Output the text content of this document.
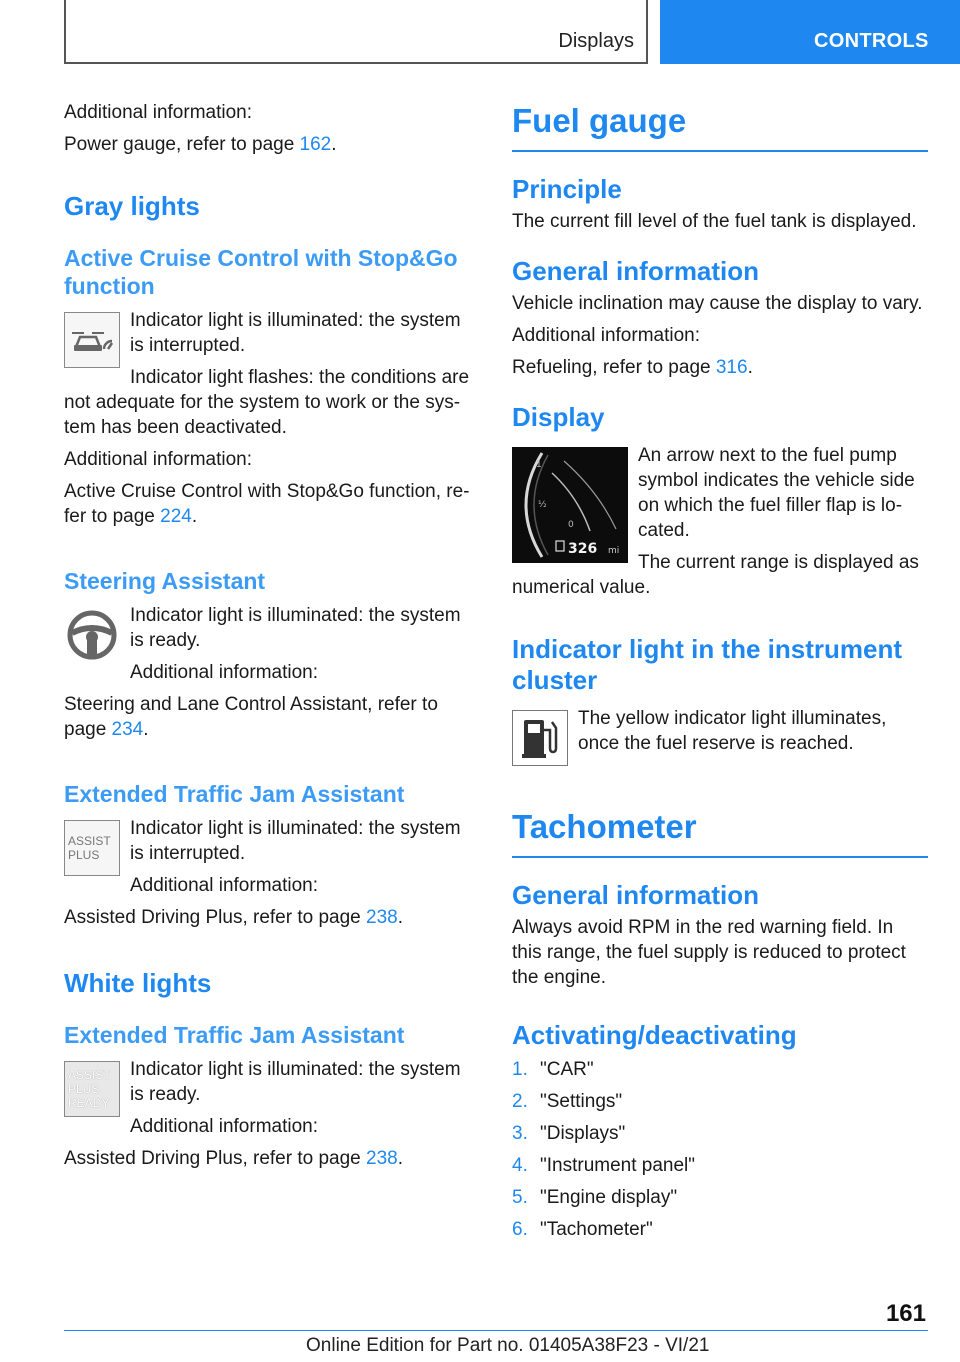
Displays	CONTROLS

Additional information:

Power gauge, refer to page 162.

Gray lights
Active Cruise Control with Stop&Go function

Indicator light is illuminated: the system is interrupted.

Indicator light flashes: the conditions are not adequate for the system to work or the sys-tem has been deactivated.

Additional information:

Active Cruise Control with Stop&Go function, re-fer to page 224.

Steering Assistant

Indicator light is illuminated: the system is ready.

Additional information:

Steering and Lane Control Assistant, refer to page 234.

Extended Traffic Jam Assistant
ASSIST
PLUS

Indicator light is illuminated: the system is interrupted.

Additional information:

Assisted Driving Plus, refer to page 238.

White lights
Extended Traffic Jam Assistant
ASSIST
PLUS
READY

Indicator light is illuminated: the system is ready.

Additional information:

Assisted Driving Plus, refer to page 238.

Fuel gauge
Principle

The current fill level of the fuel tank is displayed.

General information

Vehicle inclination may cause the display to vary.

Additional information:

Refueling, refer to page 316.

Display
1
½
0
326 mi

An arrow next to the fuel pump symbol indicates the vehicle side on which the fuel filler flap is lo-cated.

The current range is displayed as numerical value.

Indicator light in the instrument cluster

The yellow indicator light illuminates, once the fuel reserve is reached.

Tachometer
General information

Always avoid RPM in the red warning field. In this range, the fuel supply is reduced to protect the engine.

Activating/deactivating
1. "CAR"
2. "Settings"
3. "Displays"
4. "Instrument panel"
5. "Engine display"
6. "Tachometer"
161
Online Edition for Part no. 01405A38F23 - VI/21
